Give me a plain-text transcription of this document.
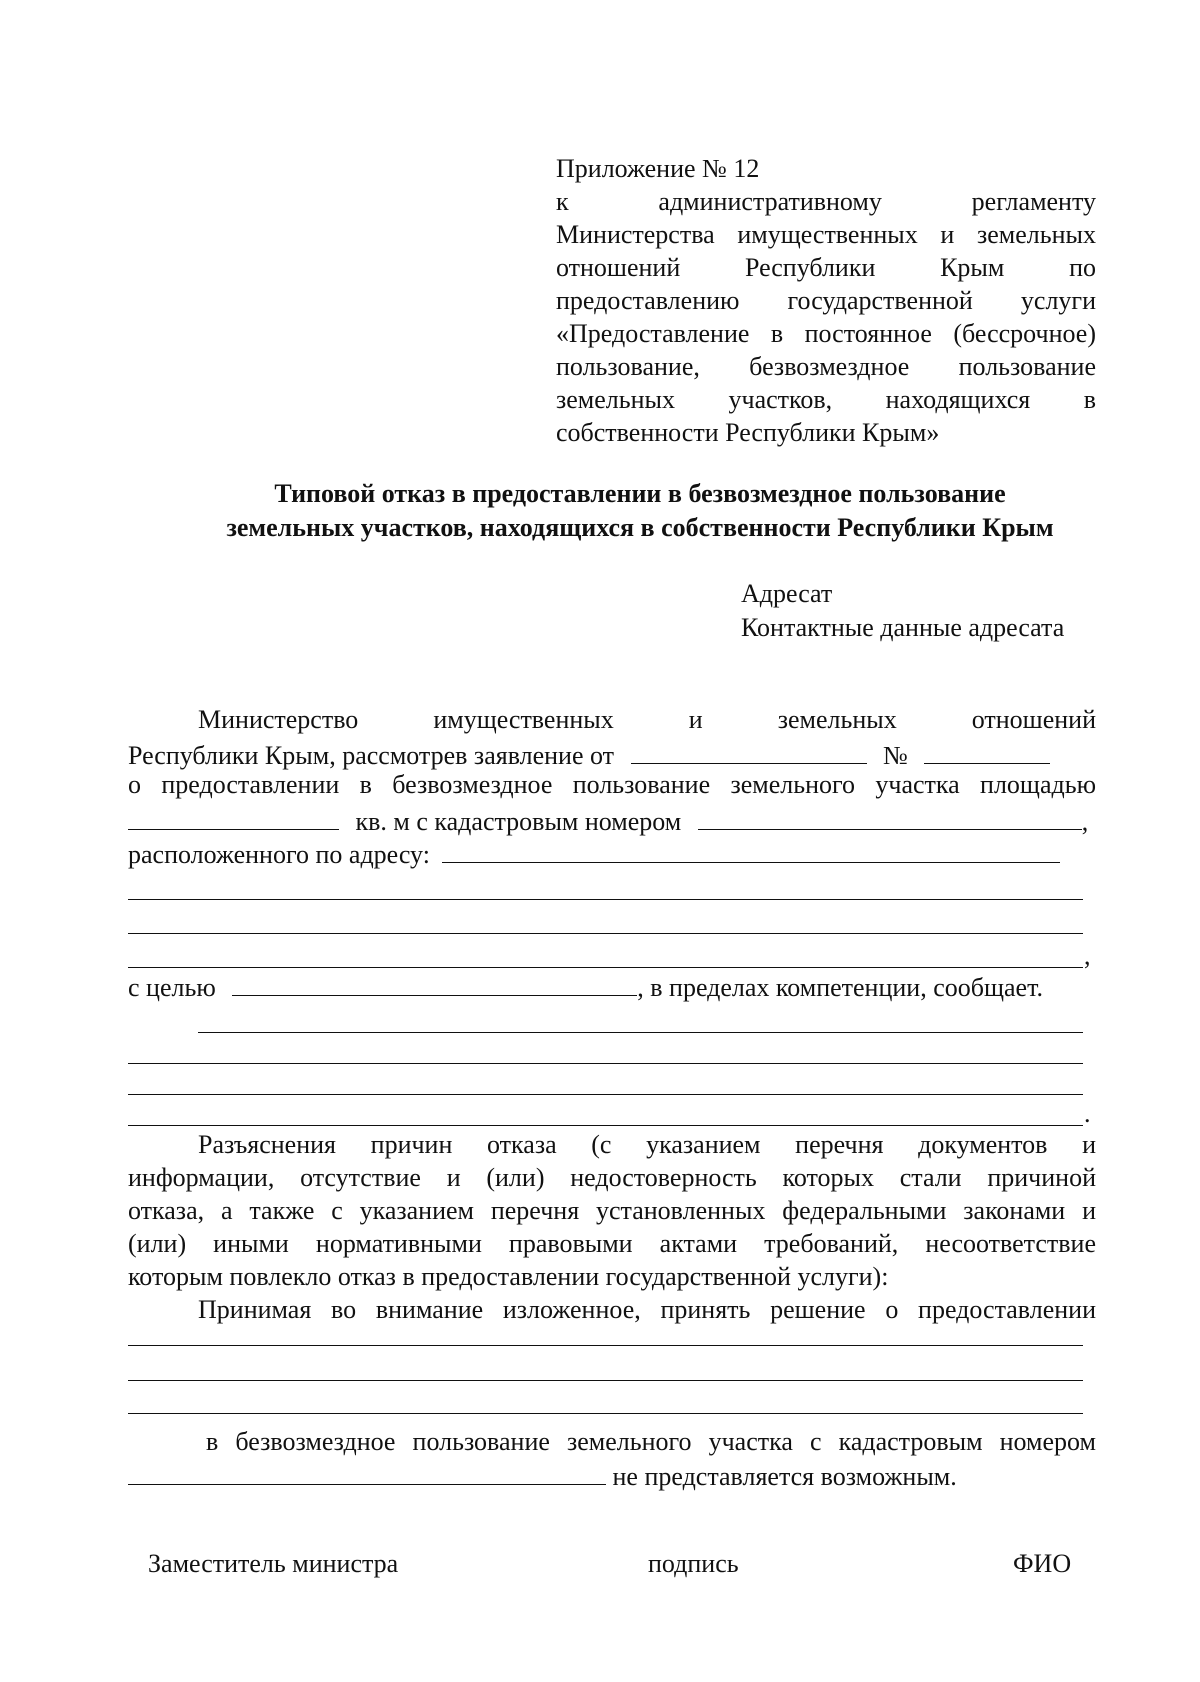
Приложение № 12
к административному регламенту
Министерства имущественных и земельных
отношений Республики Крым по
предоставлению государственной услуги
«Предоставление в постоянное (бессрочное)
пользование, безвозмездное пользование
земельных участков, находящихся в
собственности Республики Крым»
Типовой отказ в предоставлении в безвозмездное пользование
земельных участков, находящихся в собственности Республики Крым
Адресат
Контактные данные адресата
Министерство имущественных и земельных отношений
Республики Крым, рассмотрев заявление от	№
о предоставлении в безвозмездное пользование земельного участка площадью
кв. м с кадастровым номером	,
расположенного по адресу:
,
с целью	, в пределах компетенции, сообщает.
.
Разъяснения причин отказа (с указанием перечня документов и
информации, отсутствие и (или) недостоверность которых стали причиной
отказа, а также с указанием перечня установленных федеральными законами и
(или) иными нормативными правовыми актами требований, несоответствие
которым повлекло отказ в предоставлении государственной услуги):
Принимая во внимание изложенное, принять решение о предоставлении
в безвозмездное пользование земельного участка с кадастровым номером
не представляется возможным.
Заместитель министра	подпись	ФИО
